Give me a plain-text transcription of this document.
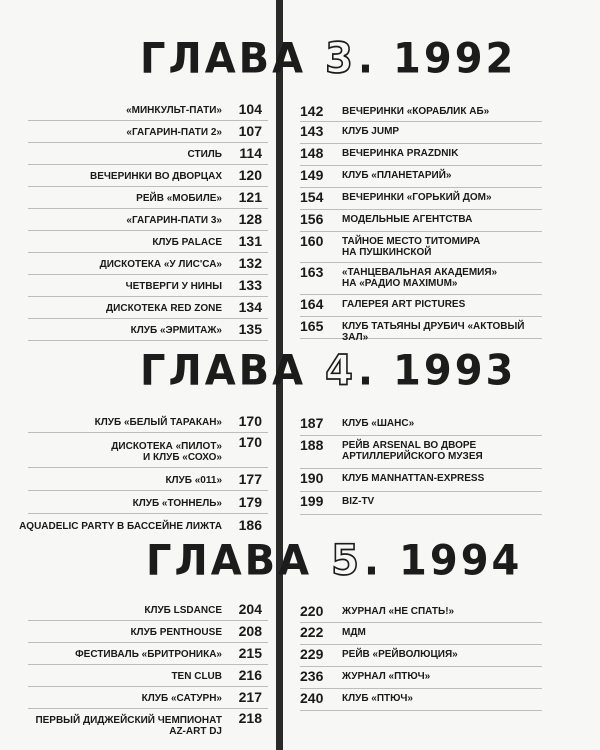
ГЛАВА 3. 1992
«МИНКУЛЬТ-ПАТИ» 104
«ГАГАРИН-ПАТИ 2» 107
СТИЛЬ 114
ВЕЧЕРИНКИ ВО ДВОРЦАХ 120
РЕЙВ «МОБИЛЕ» 121
«ГАГАРИН-ПАТИ 3» 128
КЛУБ PALACE 131
ДИСКОТЕКА «У ЛИС'СА» 132
ЧЕТВЕРГИ У НИНЫ 133
ДИСКОТЕКА RED ZONE 134
КЛУБ «ЭРМИТАЖ» 135
142 ВЕЧЕРИНКИ «КОРАБЛИК АБ»
143 КЛУБ JUMP
148 ВЕЧЕРИНКА PRAZDNIK
149 КЛУБ «ПЛАНЕТАРИЙ»
154 ВЕЧЕРИНКИ «ГОРЬКИЙ ДОМ»
156 МОДЕЛЬНЫЕ АГЕНТСТВА
160 ТАЙНОЕ МЕСТО ТИТОМИРА
НА ПУШКИНСКОЙ
163 «ТАНЦЕВАЛЬНАЯ АКАДЕМИЯ»
НА «РАДИО MAXIMUM»
164 ГАЛЕРЕЯ ART PICTURES
165 КЛУБ ТАТЬЯНЫ ДРУБИЧ «АКТОВЫЙ ЗАЛ»
ГЛАВА 4. 1993
КЛУБ «БЕЛЫЙ ТАРАКАН» 170
ДИСКОТЕКА «ПИЛОТ»
И КЛУБ «СОХО»
170
КЛУБ «011» 177
КЛУБ «ТОННЕЛЬ» 179
AQUADELIC PARTY В БАССЕЙНЕ ЛИЖТА 186
187 КЛУБ «ШАНС»
188 РЕЙВ ARSENAL ВО ДВОРЕ
АРТИЛЛЕРИЙСКОГО МУЗЕЯ
190 КЛУБ MANHATTAN-EXPRESS
199 BIZ-TV
ГЛАВА 5. 1994
КЛУБ LSDANCE 204
КЛУБ PENTHOUSE 208
ФЕСТИВАЛЬ «БРИТРОНИКА» 215
TEN CLUB 216
КЛУБ «САТУРН» 217
ПЕРВЫЙ ДИДЖЕЙСКИЙ ЧЕМПИОНАТ
AZ-ART DJ
218
220 ЖУРНАЛ «НЕ СПАТЬ!»
222 МДМ
229 РЕЙВ «РЕЙВОЛЮЦИЯ»
236 ЖУРНАЛ «ПТЮЧ»
240 КЛУБ «ПТЮЧ»
